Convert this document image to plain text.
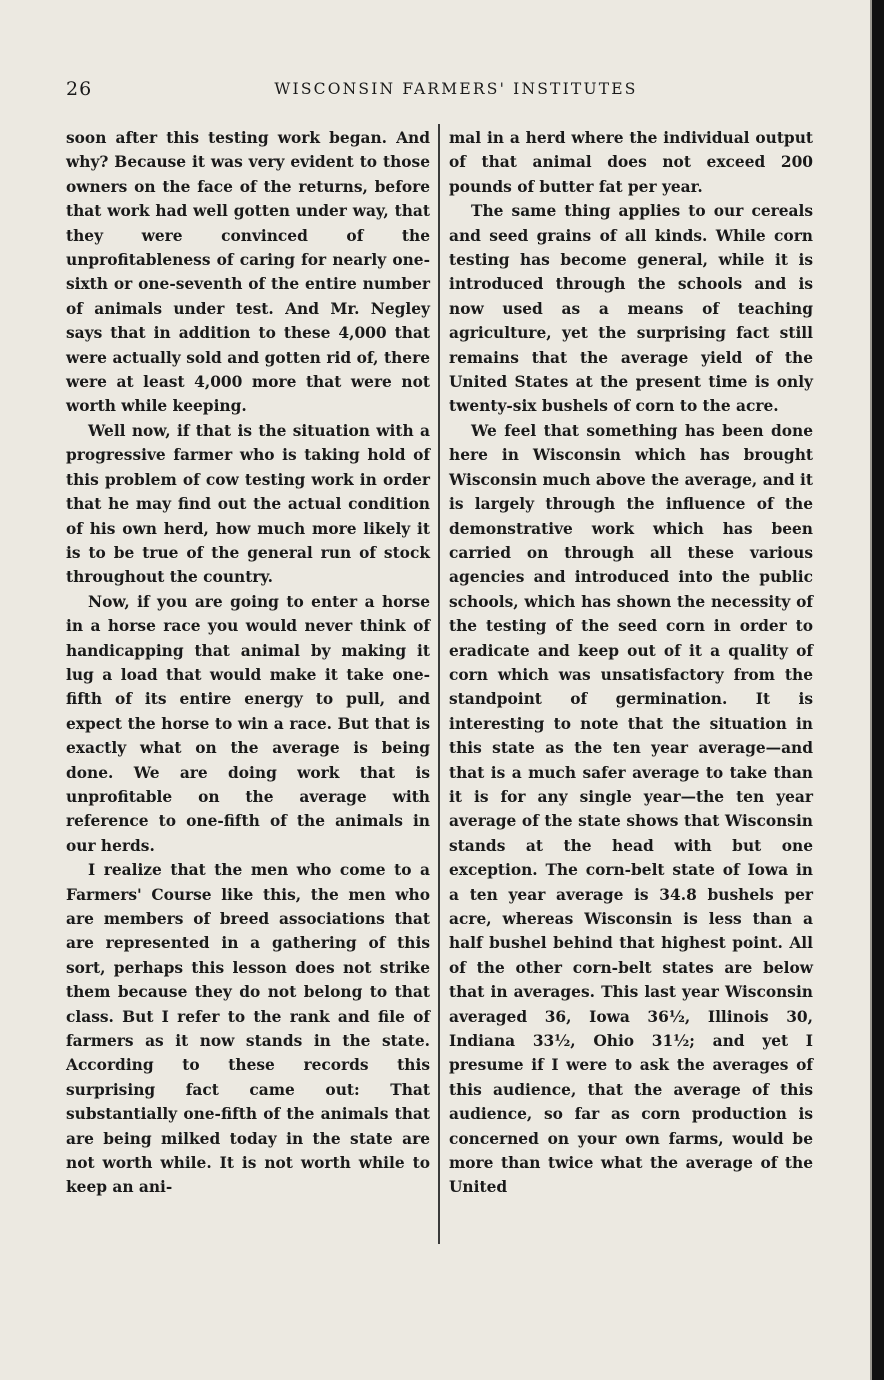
26	WISCONSIN FARMERS' INSTITUTES

soon after this testing work began. And why? Because it was very evident to those owners on the face of the returns, before that work had well gotten under way, that they were convinced of the unprofitableness of caring for nearly one-sixth or one-seventh of the entire number of animals under test. And Mr. Negley says that in addition to these 4,000 that were actually sold and gotten rid of, there were at least 4,000 more that were not worth while keeping.

Well now, if that is the situation with a progressive farmer who is taking hold of this problem of cow testing work in order that he may find out the actual condition of his own herd, how much more likely it is to be true of the general run of stock throughout the country.

Now, if you are going to enter a horse in a horse race you would never think of handicapping that animal by making it lug a load that would make it take one-fifth of its entire energy to pull, and expect the horse to win a race. But that is exactly what on the average is being done. We are doing work that is unprofitable on the average with reference to one-fifth of the animals in our herds.

I realize that the men who come to a Farmers' Course like this, the men who are members of breed associations that are represented in a gathering of this sort, perhaps this lesson does not strike them because they do not belong to that class. But I refer to the rank and file of farmers as it now stands in the state. According to these records this surprising fact came out: That substantially one-fifth of the animals that are being milked today in the state are not worth while. It is not worth while to keep an ani-

mal in a herd where the individual output of that animal does not exceed 200 pounds of butter fat per year.

The same thing applies to our cereals and seed grains of all kinds. While corn testing has become general, while it is introduced through the schools and is now used as a means of teaching agriculture, yet the surprising fact still remains that the average yield of the United States at the present time is only twenty-six bushels of corn to the acre.

We feel that something has been done here in Wisconsin which has brought Wisconsin much above the average, and it is largely through the influence of the demonstrative work which has been carried on through all these various agencies and introduced into the public schools, which has shown the necessity of the testing of the seed corn in order to eradicate and keep out of it a quality of corn which was unsatisfactory from the standpoint of germination. It is interesting to note that the situation in this state as the ten year average—and that is a much safer average to take than it is for any single year—the ten year average of the state shows that Wisconsin stands at the head with but one exception. The corn-belt state of Iowa in a ten year average is 34.8 bushels per acre, whereas Wisconsin is less than a half bushel behind that highest point. All of the other corn-belt states are below that in averages. This last year Wisconsin averaged 36, Iowa 36½, Illinois 30, Indiana 33½, Ohio 31½; and yet I presume if I were to ask the averages of this audience, that the average of this audience, so far as corn production is concerned on your own farms, would be more than twice what the average of the United
